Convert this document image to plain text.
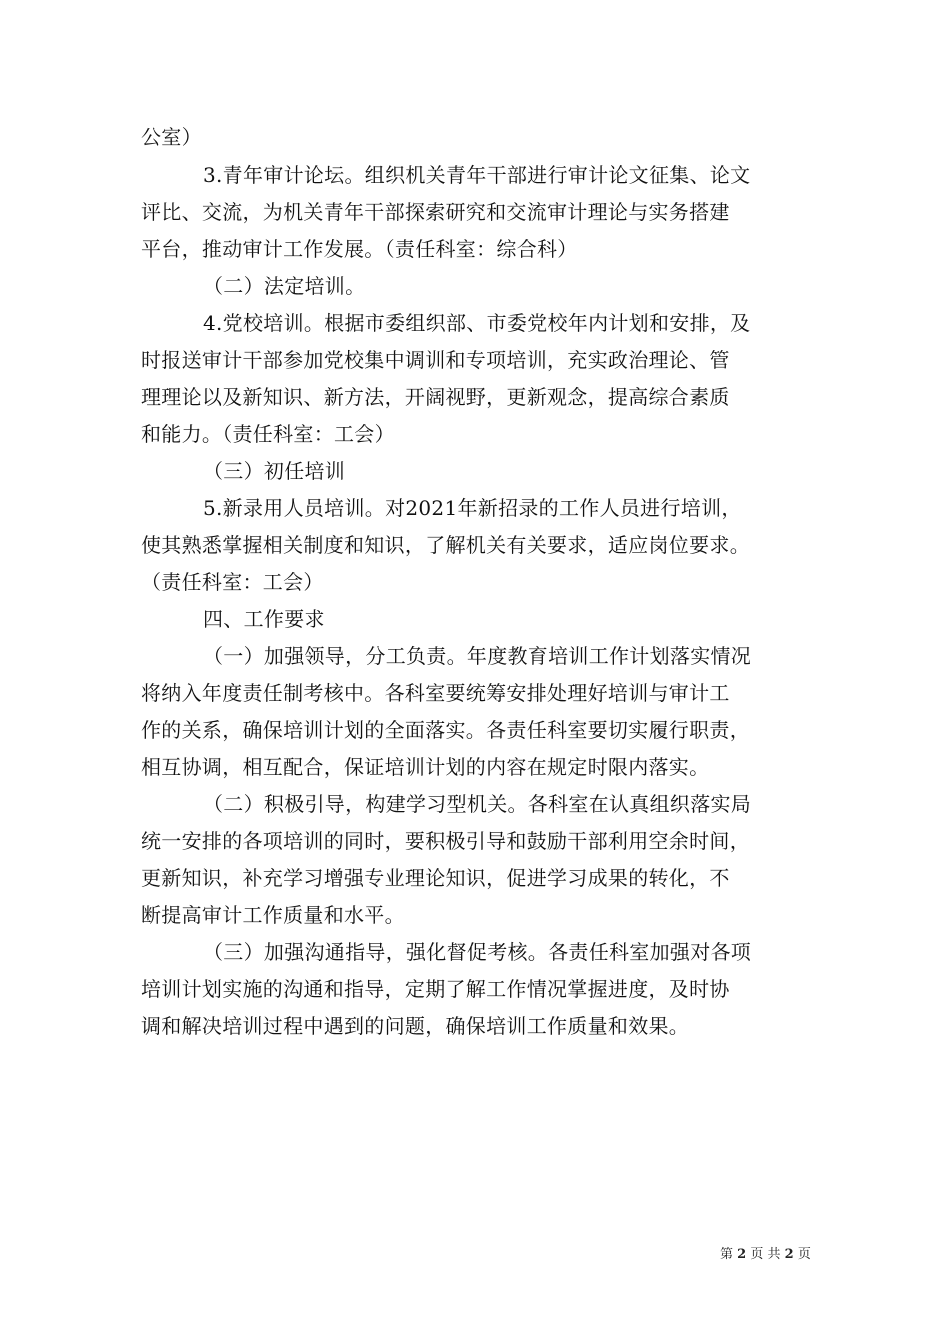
公室）
3.青年审计论坛。组织机关青年干部进行审计论文征集、论文
评比、交流，为机关青年干部探索研究和交流审计理论与实务搭建
平台，推动审计工作发展。（责任科室：综合科）
（二）法定培训。
4.党校培训。根据市委组织部、市委党校年内计划和安排，及
时报送审计干部参加党校集中调训和专项培训，充实政治理论、管
理理论以及新知识、新方法，开阔视野，更新观念，提高综合素质
和能力。（责任科室：工会）
（三）初任培训
5.新录用人员培训。对2021年新招录的工作人员进行培训，
使其熟悉掌握相关制度和知识，了解机关有关要求，适应岗位要求。
（责任科室：工会）
四、工作要求
（一）加强领导，分工负责。年度教育培训工作计划落实情况
将纳入年度责任制考核中。各科室要统筹安排处理好培训与审计工
作的关系，确保培训计划的全面落实。各责任科室要切实履行职责，
相互协调，相互配合，保证培训计划的内容在规定时限内落实。
（二）积极引导，构建学习型机关。各科室在认真组织落实局
统一安排的各项培训的同时，要积极引导和鼓励干部利用空余时间，
更新知识，补充学习增强专业理论知识，促进学习成果的转化，不
断提高审计工作质量和水平。
（三）加强沟通指导，强化督促考核。各责任科室加强对各项
培训计划实施的沟通和指导，定期了解工作情况掌握进度，及时协
调和解决培训过程中遇到的问题，确保培训工作质量和效果。
第 2 页 共 2 页
